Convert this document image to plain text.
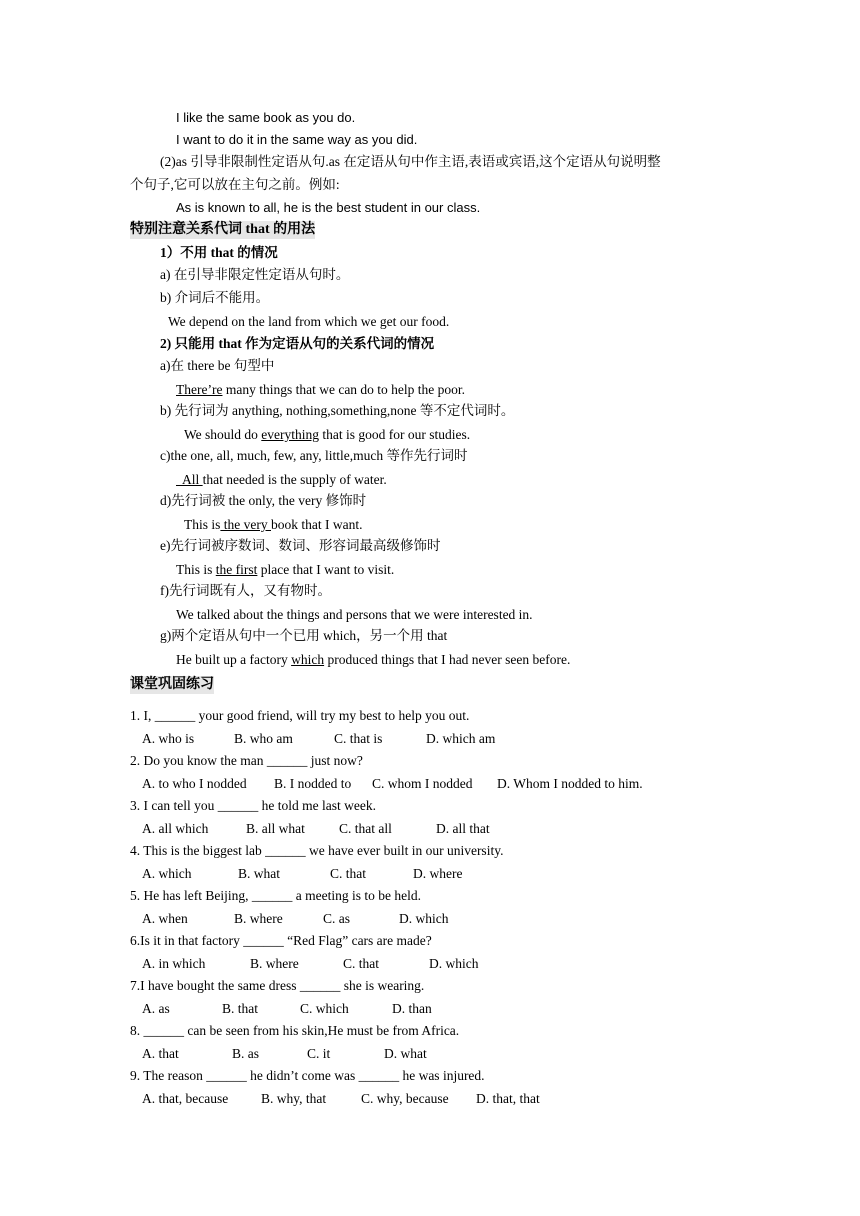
I like the same book as you do.
I want to do it in the same way as you did.
(2)as 引导非限制性定语从句.as 在定语从句中作主语,表语或宾语,这个定语从句说明整
个句子,它可以放在主句之前。例如:
As is known to all, he is the best student in our class.
特别注意关系代词 that 的用法
1）不用 that 的情况
a) 在引导非限定性定语从句时。
b) 介词后不能用。
We depend on the land from which we get our food.
2) 只能用 that 作为定语从句的关系代词的情况
a)在 there be 句型中
There’re many things that we can do to help the poor.
b) 先行词为 anything, nothing,something,none 等不定代词时。
We should do everything that is good for our studies.
c)the one, all, much, few, any, little,much 等作先行词时
All that needed is the supply of water.
d)先行词被 the only, the very 修饰时
This is the very book that I want.
e)先行词被序数词、数词、形容词最高级修饰时
This is the first place that I want to visit.
f)先行词既有人，又有物时。
We talked about the things and persons that we were interested in.
g)两个定语从句中一个已用 which，另一个用 that
He built up a factory which produced things that I had never seen before.
课堂巩固练习
1. I, ______ your good friend, will try my best to help you out.
A. who is	B. who am	C. that is	D. which am
2. Do you know the man ______ just now?
A. to who I nodded B. I nodded to C. whom I nodded D. Whom I nodded to him.
3. I can tell you ______ he told me last week.
A. all which	B. all what	C. that all	D. all that
4. This is the biggest lab ______ we have ever built in our university.
A. which	B. what	C. that	D. where
5. He has left Beijing, ______ a meeting is to be held.
A. when	B. where	C. as	D. which
6.Is it in that factory ______ “Red Flag” cars are made?
A. in which	B. where	C. that	D. which
7.I have bought the same dress ______ she is wearing.
A. as	B. that	C. which	D. than
8. ______ can be seen from his skin,He must be from Africa.
A. that	B. as	C. it	D. what
9. The reason ______ he didn’t come was ______ he was injured.
A. that, because B. why, that	C. why, because D. that, that
